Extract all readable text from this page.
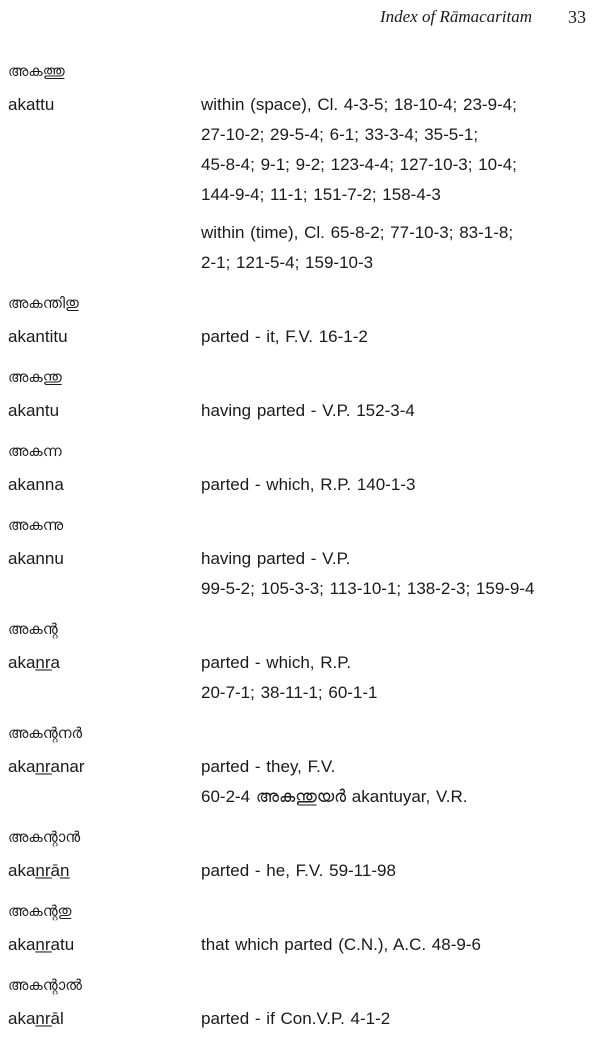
Index of Rāmacaritam 33
അകത്തു
akattu	within (space), Cl. 4-3-5; 18-10-4; 23-9-4;
27-10-2; 29-5-4; 6-1; 33-3-4; 35-5-1;
45-8-4; 9-1; 9-2; 123-4-4; 127-10-3; 10-4;
144-9-4; 11-1; 151-7-2; 158-4-3
within (time), Cl. 65-8-2; 77-10-3; 83-1-8;
2-1; 121-5-4; 159-10-3
അകന്തിതു
akantitu	parted - it, F.V. 16-1-2
അകന്തു
akantu	having parted - V.P. 152-3-4
അകന്ന
akanna	parted - which, R.P. 140-1-3
അകന്നു
akannu	having parted - V.P.
99-5-2; 105-3-3; 113-10-1; 138-2-3; 159-9-4
അകന്റ
akan̲r̲a	parted - which, R.P.
20-7-1; 38-11-1; 60-1-1
അകന്റനർ
akan̲r̲anar	parted - they, F.V.
60-2-4 അകന്തുയർ akantuyar, V.R.
അകന്റാൻ
akan̲r̲ān̲	parted - he, F.V. 59-11-98
അകന്റതു
akan̲r̲atu	that which parted (C.N.), A.C. 48-9-6
അകന്റാൽ
akan̲r̲āl	parted - if Con.V.P. 4-1-2
